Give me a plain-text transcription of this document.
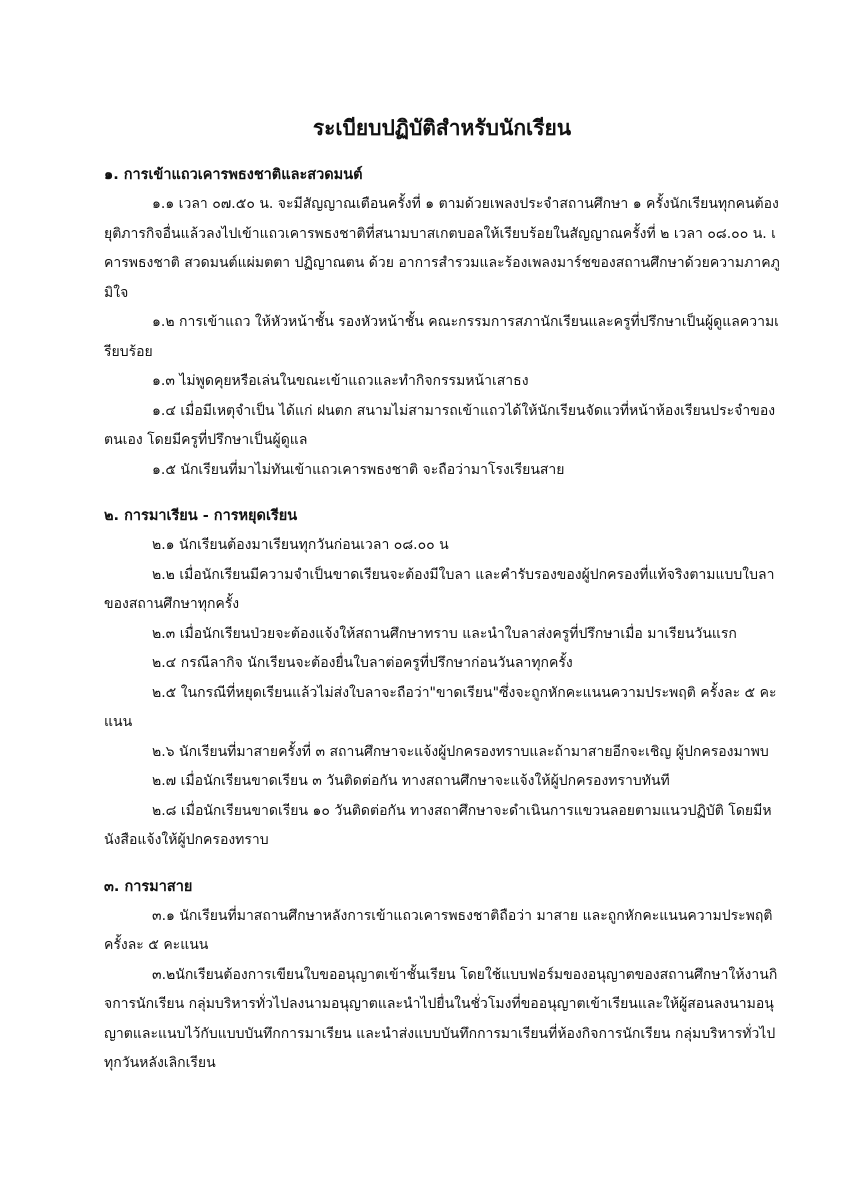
ระเบียบปฏิบัติสำหรับนักเรียน

๑. การเข้าแถวเคารพธงชาติและสวดมนต์

๑.๑ เวลา ๐๗.๕๐ น. จะมีสัญญาณเตือนครั้งที่ ๑ ตามด้วยเพลงประจำสถานศึกษา ๑ ครั้งนักเรียนทุกคนต้องยุติภารกิจอื่นแล้วลงไปเข้าแถวเคารพธงชาติที่สนามบาสเกตบอลให้เรียบร้อยในสัญญาณครั้งที่ ๒ เวลา ๐๘.๐๐ น. เคารพธงชาติ สวดมนต์แผ่มตตา ปฏิญาณตน ด้วย อาการสำรวมและร้องเพลงมาร์ชของสถานศึกษาด้วยความภาคภูมิใจ

๑.๒ การเข้าแถว ให้หัวหน้าชั้น รองหัวหน้าชั้น คณะกรรมการสภานักเรียนและครูที่ปรึกษาเป็นผู้ดูแลความเรียบร้อย

๑.๓ ไม่พูดคุยหรือเล่นในขณะเข้าแถวและทำกิจกรรมหน้าเสาธง

๑.๔ เมื่อมีเหตุจำเป็น ได้แก่ ฝนตก สนามไม่สามารถเข้าแถวได้ให้นักเรียนจัดแวที่หน้าห้องเรียนประจำของตนเอง โดยมีครูที่ปรึกษาเป็นผู้ดูแล

๑.๕ นักเรียนที่มาไม่ทันเข้าแถวเคารพธงชาติ จะถือว่ามาโรงเรียนสาย

๒. การมาเรียน - การหยุดเรียน

๒.๑ นักเรียนต้องมาเรียนทุกวันก่อนเวลา ๐๘.๐๐ น

๒.๒ เมื่อนักเรียนมีความจำเป็นขาดเรียนจะต้องมีใบลา และคำรับรองของผู้ปกครองที่แท้จริงตามแบบใบลาของสถานศึกษาทุกครั้ง

๒.๓ เมื่อนักเรียนป่วยจะต้องแจ้งให้สถานศึกษาทราบ และนำใบลาส่งครูที่ปรึกษาเมื่อ มาเรียนวันแรก

๒.๔ กรณีลากิจ นักเรียนจะต้องยื่นใบลาต่อครูที่ปรึกษาก่อนวันลาทุกครั้ง

๒.๕ ในกรณีที่หยุดเรียนแล้วไม่ส่งใบลาจะถือว่า"ขาดเรียน"ซึ่งจะถูกหักคะแนนความประพฤติ ครั้งละ ๕ คะแนน

๒.๖ นักเรียนที่มาสายครั้งที่ ๓ สถานศึกษาจะแจ้งผู้ปกครองทราบและถ้ามาสายอีกจะเชิญ ผู้ปกครองมาพบ

๒.๗ เมื่อนักเรียนขาดเรียน ๓ วันติดต่อกัน ทางสถานศึกษาจะแจ้งให้ผู้ปกครองทราบทันที

๒.๘ เมื่อนักเรียนขาดเรียน ๑๐ วันติดต่อกัน ทางสถาศึกษาจะดำเนินการแขวนลอยตามแนวปฏิบัติ โดยมีหนังสือแจ้งให้ผู้ปกครองทราบ

๓. การมาสาย

๓.๑ นักเรียนที่มาสถานศึกษาหลังการเข้าแถวเคารพธงชาติถือว่า มาสาย และถูกหักคะแนนความประพฤติ ครั้งละ ๕ คะแนน

๓.๒นักเรียนต้องการเขียนใบขออนุญาตเข้าชั้นเรียน โดยใช้แบบฟอร์มของอนุญาตของสถานศึกษาให้งานกิจการนักเรียน กลุ่มบริหารทั่วไปลงนามอนุญาตและนำไปยื่นในชั่วโมงที่ขออนุญาตเข้าเรียนและให้ผู้สอนลงนามอนุญาตและแนบไว้กับแบบบันทึกการมาเรียน และนำส่งแบบบันทึกการมาเรียนที่ห้องกิจการนักเรียน กลุ่มบริหารทั่วไป ทุกวันหลังเลิกเรียน
